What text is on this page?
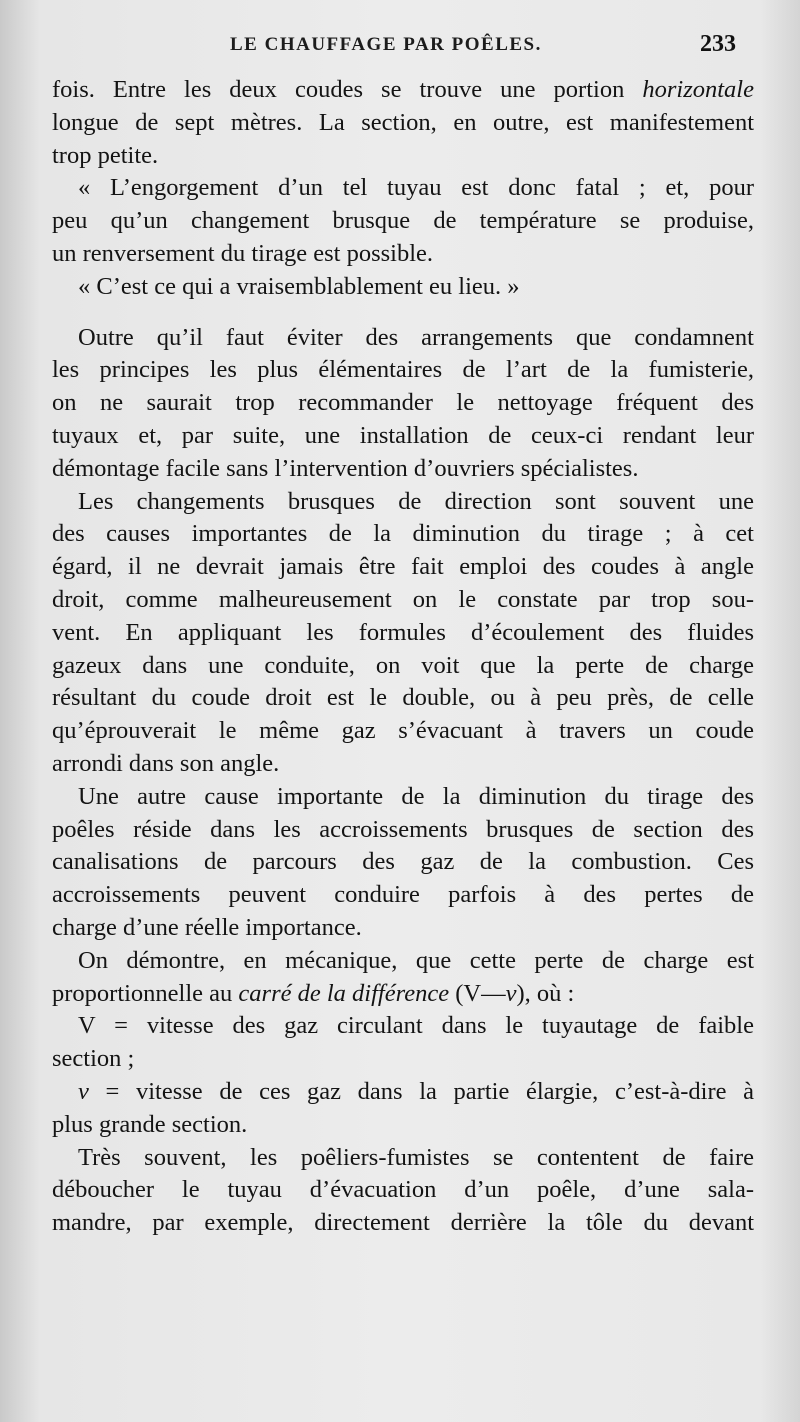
LE CHAUFFAGE PAR POÊLES.	233
fois. Entre les deux coudes se trouve une portion horizontale
longue de sept mètres. La section, en outre, est manifestement
trop petite.
« L’engorgement d’un tel tuyau est donc fatal ; et, pour
peu qu’un changement brusque de température se produise,
un renversement du tirage est possible.
« C’est ce qui a vraisemblablement eu lieu. »
Outre qu’il faut éviter des arrangements que condamnent
les principes les plus élémentaires de l’art de la fumisterie,
on ne saurait trop recommander le nettoyage fréquent des
tuyaux et, par suite, une installation de ceux-ci rendant leur
démontage facile sans l’intervention d’ouvriers spécialistes.
Les changements brusques de direction sont souvent une
des causes importantes de la diminution du tirage ; à cet
égard, il ne devrait jamais être fait emploi des coudes à angle
droit, comme malheureusement on le constate par trop sou-
vent. En appliquant les formules d’écoulement des fluides
gazeux dans une conduite, on voit que la perte de charge
résultant du coude droit est le double, ou à peu près, de celle
qu’éprouverait le même gaz s’évacuant à travers un coude
arrondi dans son angle.
Une autre cause importante de la diminution du tirage des
poêles réside dans les accroissements brusques de section des
canalisations de parcours des gaz de la combustion. Ces
accroissements peuvent conduire parfois à des pertes de
charge d’une réelle importance.
On démontre, en mécanique, que cette perte de charge est
proportionnelle au carré de la différence (V—v), où :
V = vitesse des gaz circulant dans le tuyautage de faible
section ;
v = vitesse de ces gaz dans la partie élargie, c’est-à-dire à
plus grande section.
Très souvent, les poêliers-fumistes se contentent de faire
déboucher le tuyau d’évacuation d’un poêle, d’une sala-
mandre, par exemple, directement derrière la tôle du devant
